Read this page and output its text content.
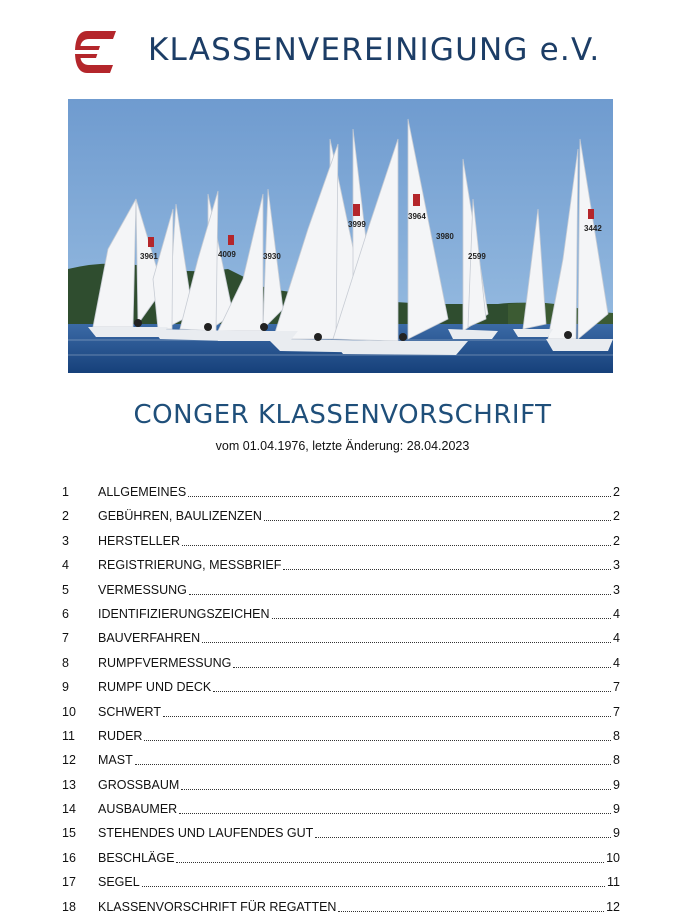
KLASSENVEREINIGUNG e.V.
3961	4009	3930
3999
3964
3980
2599
3442
CONGER KLASSENVORSCHRIFT
vom 01.04.1976, letzte Änderung: 28.04.2023
1	ALLGEMEINES	2
2	GEBÜHREN, BAULIZENZEN	2
3	HERSTELLER	2
4	REGISTRIERUNG, MESSBRIEF	3
5	VERMESSUNG	3
6	IDENTIFIZIERUNGSZEICHEN	4
7	BAUVERFAHREN	4
8	RUMPFVERMESSUNG	4
9	RUMPF UND DECK	7
10	SCHWERT	7
11	RUDER	8
12	MAST	8
13	GROSSBAUM	9
14	AUSBAUMER	9
15	STEHENDES UND LAUFENDES GUT	9
16	BESCHLÄGE	10
17	SEGEL	11
18	KLASSENVORSCHRIFT FÜR REGATTEN	12
